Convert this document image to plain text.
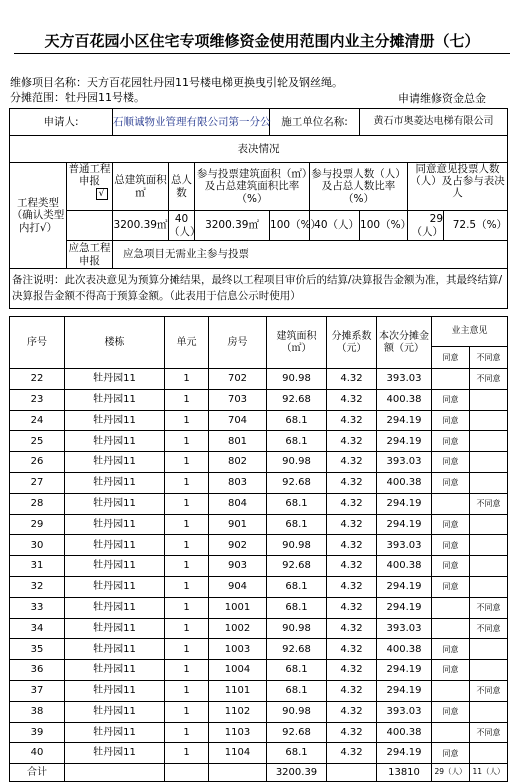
天方百花园小区住宅专项维修资金使用范围内业主分摊清册（七）
维修项目名称：天方百花园牡丹园11号楼电梯更换曳引轮及钢丝绳。
分摊范围：牡丹园11号楼。	申请维修资金总金
申请人:		石顺诚物业管理有限公司第一分公			施工单位名称:		黄石市奥菱达电梯有限公司		
表决情况									
工程类型（确认类型内打√）	普通工程申报
√	总建筑面积㎡	总人数	参与投票建筑面积（㎡）及占总建筑面积比率（%）		参与投票人数（人）及占总人数比率（%）		同意意见投票人数（人）及占参与表决人	
		3200.39㎡	40（人）	3200.39㎡	100（%）	40（人）	100（%）	29（人）	72.5（%）
	应急工程申报	应急项目无需业主参与投票							
备注说明：此次表决意见为预算分摊结果，最终以工程项目审价后的结算/决算报告金额为准，其最终结算/决算报告金额不得高于预算金额。（此表用于信息公示时使用）									
序号	楼栋	单元	房号	建筑面积（㎡）	分摊系数（元）	本次分摊金额（元）	业主意见	
							同意	不同意
22	牡丹园11	1	702	90.98	4.32	393.03		不同意
23	牡丹园11	1	703	92.68	4.32	400.38	同意	
24	牡丹园11	1	704	68.1	4.32	294.19	同意	
25	牡丹园11	1	801	68.1	4.32	294.19	同意	
26	牡丹园11	1	802	90.98	4.32	393.03	同意	
27	牡丹园11	1	803	92.68	4.32	400.38	同意	
28	牡丹园11	1	804	68.1	4.32	294.19		不同意
29	牡丹园11	1	901	68.1	4.32	294.19	同意	
30	牡丹园11	1	902	90.98	4.32	393.03	同意	
31	牡丹园11	1	903	92.68	4.32	400.38	同意	
32	牡丹园11	1	904	68.1	4.32	294.19	同意	
33	牡丹园11	1	1001	68.1	4.32	294.19		不同意
34	牡丹园11	1	1002	90.98	4.32	393.03		不同意
35	牡丹园11	1	1003	92.68	4.32	400.38	同意	
36	牡丹园11	1	1004	68.1	4.32	294.19	同意	
37	牡丹园11	1	1101	68.1	4.32	294.19		不同意
38	牡丹园11	1	1102	90.98	4.32	393.03	同意	
39	牡丹园11	1	1103	92.68	4.32	400.38		不同意
40	牡丹园11	1	1104	68.1	4.32	294.19	同意	
合计				3200.39		13810	29（人）	11（人）
